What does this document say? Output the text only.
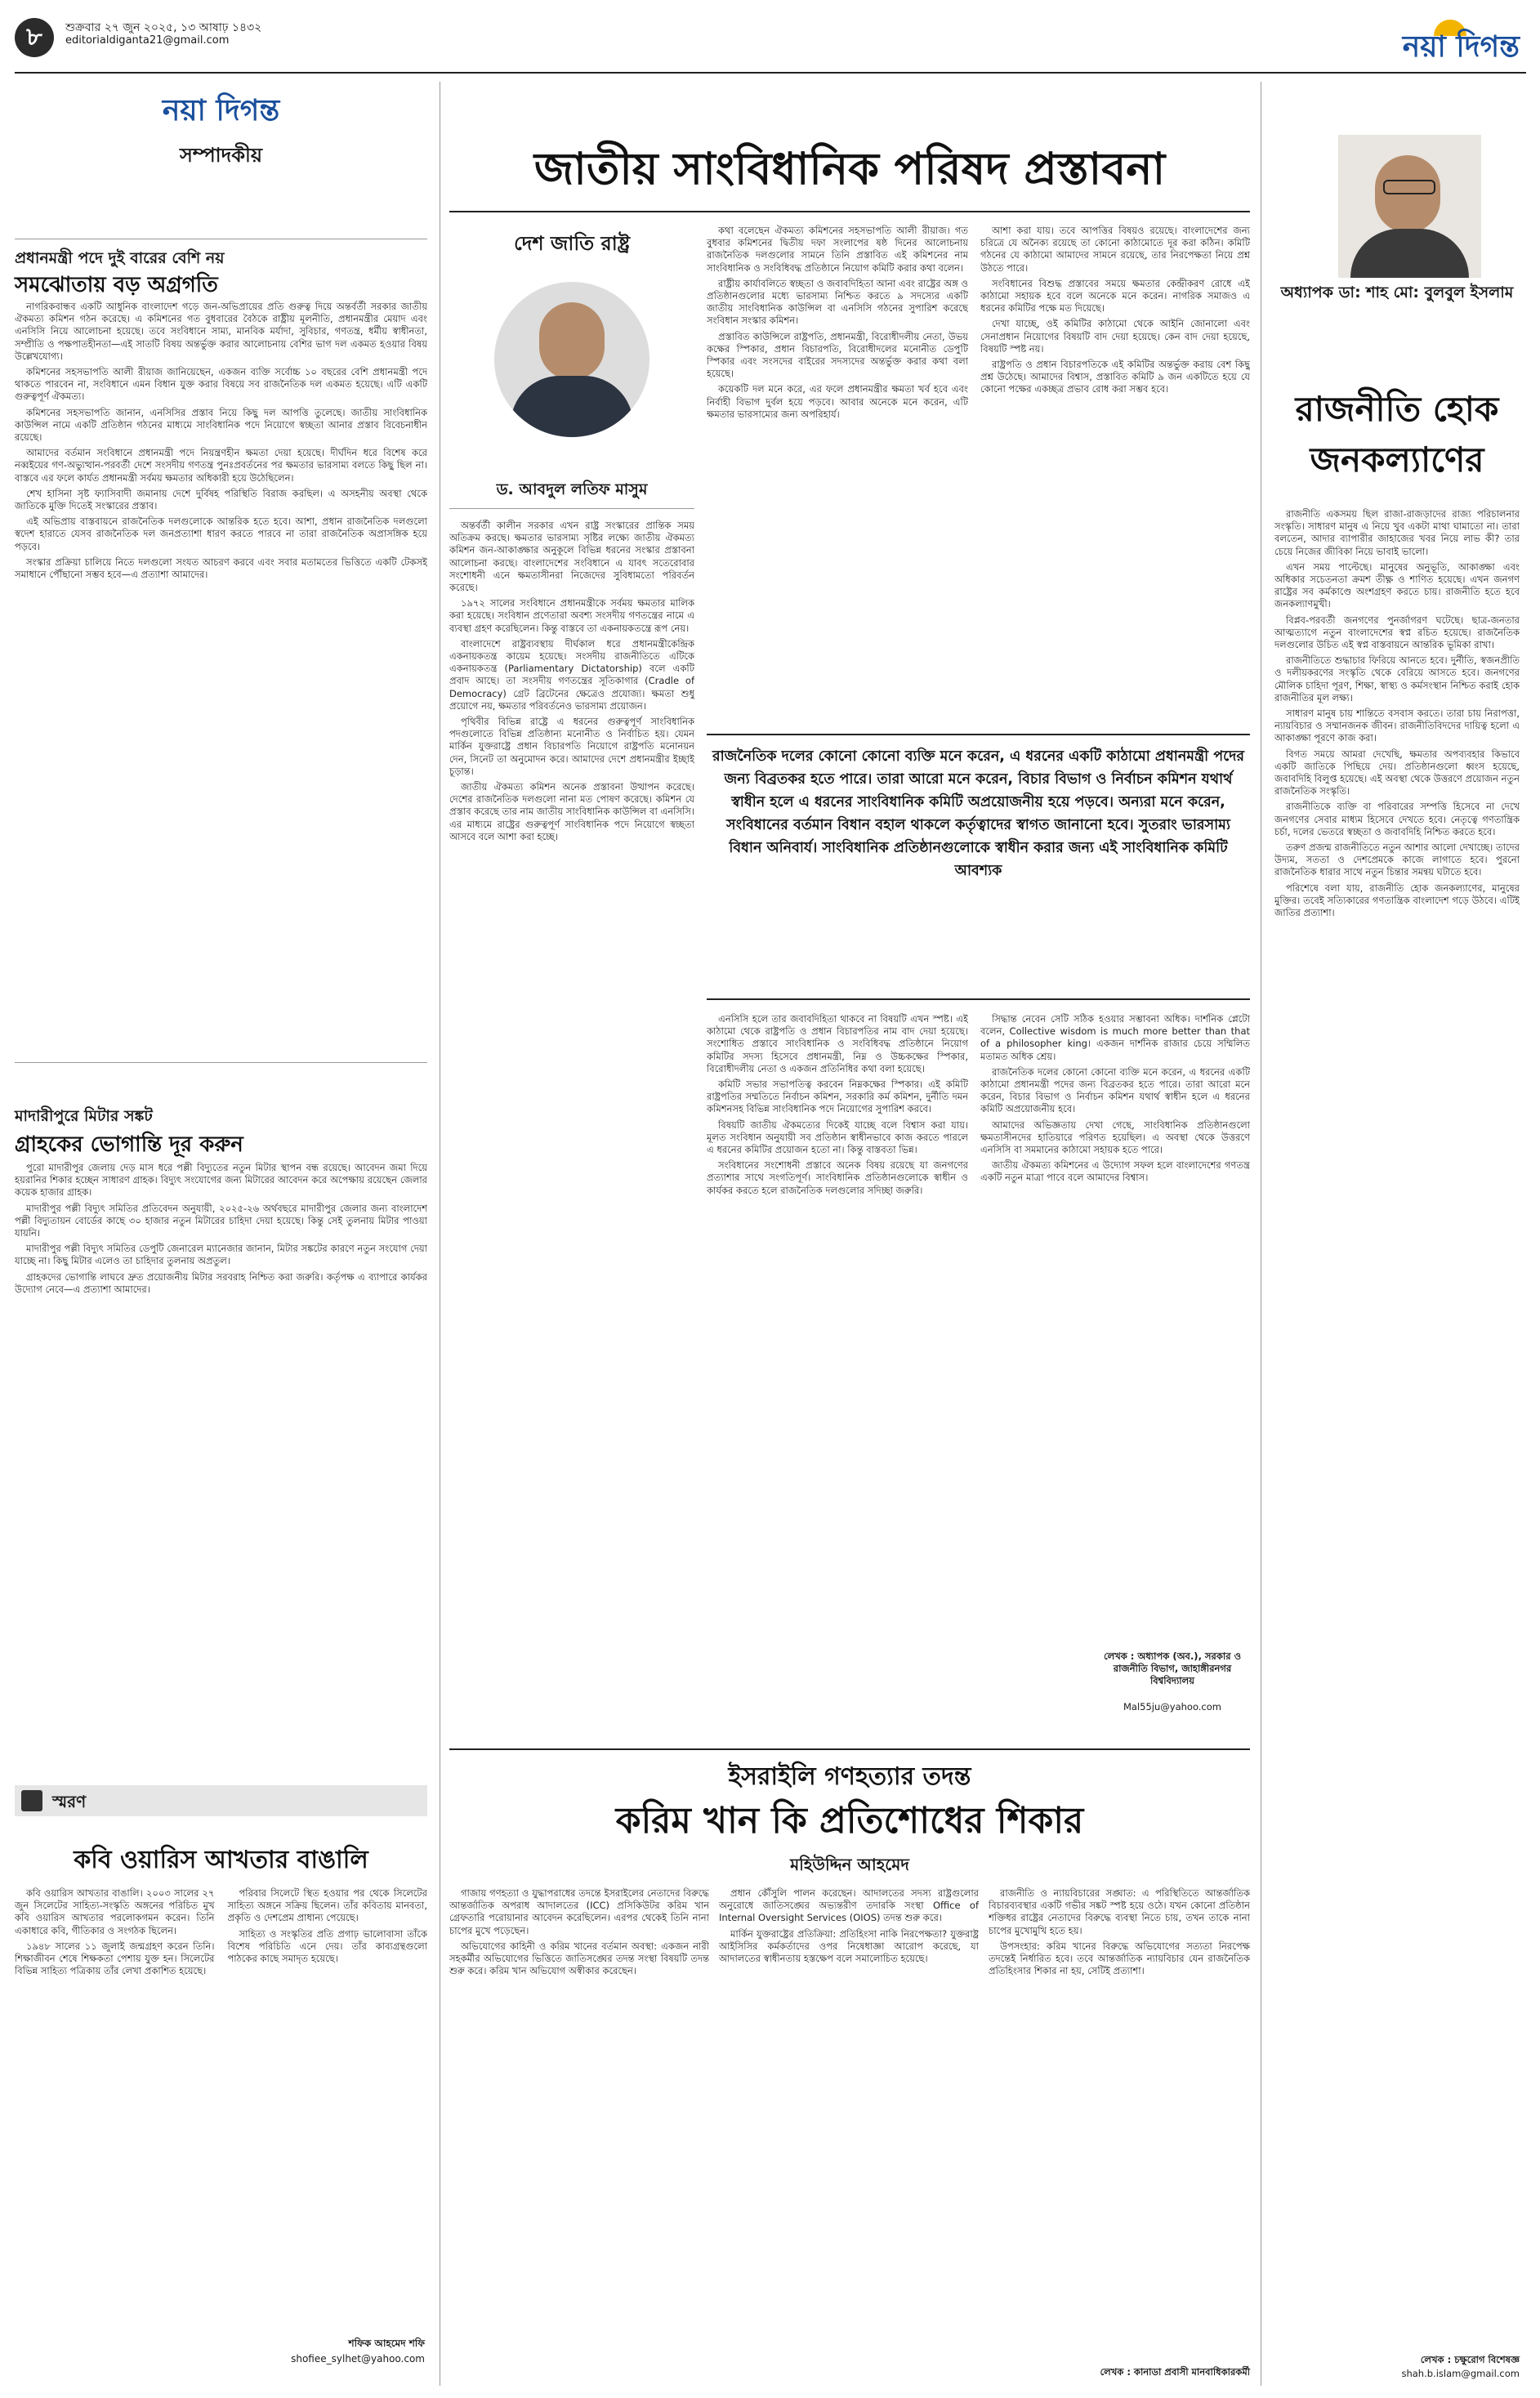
৮	শুক্রবার ২৭ জুন ২০২৫, ১৩ আষাঢ় ১৪৩২
editorialdiganta21@gmail.com	নয়া দিগন্ত
নয়া দিগন্ত
সম্পাদকীয়
প্রধানমন্ত্রী পদে দুই বারের বেশি নয়
সমঝোতায় বড় অগ্রগতি

নাগরিকবান্ধব একটি আধুনিক বাংলাদেশ গড়ে জন-অভিপ্রায়ের প্রতি গুরুত্ব দিয়ে অন্তর্বর্তী সরকার জাতীয় ঐকমত্য কমিশন গঠন করেছে। এ কমিশনের গত বুধবারের বৈঠকে রাষ্ট্রীয় মূলনীতি, প্রধানমন্ত্রীর মেয়াদ এবং এনসিসি নিয়ে আলোচনা হয়েছে। তবে সংবিধানে সাম্য, মানবিক মর্যাদা, সুবিচার, গণতন্ত্র, ধর্মীয় স্বাধীনতা, সম্প্রীতি ও পক্ষপাতহীনতা—এই সাতটি বিষয় অন্তর্ভুক্ত করার আলোচনায় বেশির ভাগ দল একমত হওয়ার বিষয় উল্লেখযোগ্য।

কমিশনের সহসভাপতি আলী রীয়াজ জানিয়েছেন, একজন ব্যক্তি সর্বোচ্চ ১০ বছরের বেশি প্রধানমন্ত্রী পদে থাকতে পারবেন না, সংবিধানে এমন বিধান যুক্ত করার বিষয়ে সব রাজনৈতিক দল একমত হয়েছে। এটি একটি গুরুত্বপূর্ণ ঐকমত্য।

কমিশনের সহসভাপতি জানান, এনসিসির প্রস্তাব নিয়ে কিছু দল আপত্তি তুলেছে। জাতীয় সাংবিধানিক কাউন্সিল নামে একটি প্রতিষ্ঠান গঠনের মাধ্যমে সাংবিধানিক পদে নিয়োগে স্বচ্ছতা আনার প্রস্তাব বিবেচনাধীন রয়েছে।

আমাদের বর্তমান সংবিধানে প্রধানমন্ত্রী পদে নিয়ন্ত্রণহীন ক্ষমতা দেয়া হয়েছে। দীর্ঘদিন ধরে বিশেষ করে নব্বইয়ের গণ-অভ্যুত্থান-পরবর্তী দেশে সংসদীয় গণতন্ত্র পুনঃপ্রবর্তনের পর ক্ষমতার ভারসাম্য বলতে কিছু ছিল না। বাস্তবে এর ফলে কার্যত প্রধানমন্ত্রী সর্বময় ক্ষমতার অধিকারী হয়ে উঠেছিলেন।

শেখ হাসিনা সৃষ্ট ফ্যাসিবাদী জমানায় দেশে দুর্বিষহ পরিস্থিতি বিরাজ করছিল। এ অসহনীয় অবস্থা থেকে জাতিকে মুক্তি দিতেই সংস্কারের প্রস্তাব।

এই অভিপ্রায় বাস্তবায়নে রাজনৈতিক দলগুলোকে আন্তরিক হতে হবে। আশা, প্রধান রাজনৈতিক দলগুলো স্বদেশ হারাতে যেসব রাজনৈতিক দল জনপ্রত্যাশা ধারণ করতে পারবে না তারা রাজনৈতিক অপ্রাসঙ্গিক হয়ে পড়বে।

সংস্কার প্রক্রিয়া চালিয়ে নিতে দলগুলো সংযত আচরণ করবে এবং সবার মতামতের ভিত্তিতে একটি টেকসই সমাধানে পৌঁছানো সম্ভব হবে—এ প্রত্যাশা আমাদের।

মাদারীপুরে মিটার সঙ্কট
গ্রাহকের ভোগান্তি দূর করুন

পুরো মাদারীপুর জেলায় দেড় মাস ধরে পল্লী বিদ্যুতের নতুন মিটার স্থাপন বন্ধ রয়েছে। আবেদন জমা দিয়ে হয়রানির শিকার হচ্ছেন সাধারণ গ্রাহক। বিদ্যুৎ সংযোগের জন্য মিটারের আবেদন করে অপেক্ষায় রয়েছেন জেলার কয়েক হাজার গ্রাহক।

মাদারীপুর পল্লী বিদ্যুৎ সমিতির প্রতিবেদন অনুযায়ী, ২০২৫-২৬ অর্থবছরে মাদারীপুর জেলার জন্য বাংলাদেশ পল্লী বিদ্যুতায়ন বোর্ডের কাছে ৩০ হাজার নতুন মিটারের চাহিদা দেয়া হয়েছে। কিন্তু সেই তুলনায় মিটার পাওয়া যায়নি।

মাদারীপুর পল্লী বিদ্যুৎ সমিতির ডেপুটি জেনারেল ম্যানেজার জানান, মিটার সঙ্কটের কারণে নতুন সংযোগ দেয়া যাচ্ছে না। কিছু মিটার এলেও তা চাহিদার তুলনায় অপ্রতুল।

গ্রাহকদের ভোগান্তি লাঘবে দ্রুত প্রয়োজনীয় মিটার সরবরাহ নিশ্চিত করা জরুরি। কর্তৃপক্ষ এ ব্যাপারে কার্যকর উদ্যোগ নেবে—এ প্রত্যাশা আমাদের।

স্মরণ
কবি ওয়ারিস আখতার বাঙালি

কবি ওয়ারিস আখতার বাঙালি। ২০০৩ সালের ২৭ জুন সিলেটের সাহিত্য-সংস্কৃতি অঙ্গনের পরিচিত মুখ কবি ওয়ারিস আখতার পরলোকগমন করেন। তিনি একাধারে কবি, গীতিকার ও সংগঠক ছিলেন।

১৯৪৮ সালের ১১ জুলাই জন্মগ্রহণ করেন তিনি। শিক্ষাজীবন শেষে শিক্ষকতা পেশায় যুক্ত হন। সিলেটের বিভিন্ন সাহিত্য পত্রিকায় তাঁর লেখা প্রকাশিত হয়েছে।

পরিবার সিলেটে স্থিত হওয়ার পর থেকে সিলেটের সাহিত্য অঙ্গনে সক্রিয় ছিলেন। তাঁর কবিতায় মানবতা, প্রকৃতি ও দেশপ্রেম প্রাধান্য পেয়েছে।

সাহিত্য ও সংস্কৃতির প্রতি প্রগাঢ় ভালোবাসা তাঁকে বিশেষ পরিচিতি এনে দেয়। তাঁর কাব্যগ্রন্থগুলো পাঠকের কাছে সমাদৃত হয়েছে।

শফিক আহমেদ শফি
shofiee_sylhet@yahoo.com
জাতীয় সাংবিধানিক পরিষদ প্রস্তাবনা
দেশ জাতি রাষ্ট্র
ড. আবদুল লতিফ মাসুম

অন্তর্বর্তী কালীন সরকার এখন রাষ্ট্র সংস্কারের প্রান্তিক সময় অতিক্রম করছে। ক্ষমতার ভারসাম্য সৃষ্টির লক্ষ্যে জাতীয় ঐকমত্য কমিশন জন-আকাঙ্ক্ষার অনুকূলে বিভিন্ন ধরনের সংস্কার প্রস্তাবনা আলোচনা করছে। বাংলাদেশের সংবিধানে এ যাবৎ সতেরোবার সংশোধনী এনে ক্ষমতাসীনরা নিজেদের সুবিধামতো পরিবর্তন করেছে।

১৯৭২ সালের সংবিধানে প্রধানমন্ত্রীকে সর্বময় ক্ষমতার মালিক করা হয়েছে। সংবিধান প্রণেতারা অবশ্য সংসদীয় গণতন্ত্রের নামে এ ব্যবস্থা গ্রহণ করেছিলেন। কিন্তু বাস্তবে তা একনায়কতন্ত্রে রূপ নেয়।

বাংলাদেশে রাষ্ট্রব্যবস্থায় দীর্ঘকাল ধরে প্রধানমন্ত্রীকেন্দ্রিক একনায়কতন্ত্র কায়েম হয়েছে। সংসদীয় রাজনীতিতে এটিকে একনায়কতন্ত্র (Parliamentary Dictatorship) বলে একটি প্রবাদ আছে। তা সংসদীয় গণতন্ত্রের সূতিকাগার (Cradle of Democracy) গ্রেট ব্রিটেনের ক্ষেত্রেও প্রযোজ্য। ক্ষমতা শুধু প্রয়োগে নয়, ক্ষমতার পরিবর্তনেও ভারসাম্য প্রয়োজন।

পৃথিবীর বিভিন্ন রাষ্ট্রে এ ধরনের গুরুত্বপূর্ণ সাংবিধানিক পদগুলোতে বিভিন্ন প্রতিষ্ঠান্য মনোনীত ও নির্বাচিত হয়। যেমন মার্কিন যুক্তরাষ্ট্রে প্রধান বিচারপতি নিয়োগে রাষ্ট্রপতি মনোনয়ন দেন, সিনেট তা অনুমোদন করে। আমাদের দেশে প্রধানমন্ত্রীর ইচ্ছাই চূড়ান্ত।

জাতীয় ঐকমত্য কমিশন অনেক প্রস্তাবনা উত্থাপন করেছে। দেশের রাজনৈতিক দলগুলো নানা মত পোষণ করেছে। কমিশন যে প্রস্তাব করেছে তার নাম জাতীয় সাংবিধানিক কাউন্সিল বা এনসিসি। এর মাধ্যমে রাষ্ট্রের গুরুত্বপূর্ণ সাংবিধানিক পদে নিয়োগে স্বচ্ছতা আসবে বলে আশা করা হচ্ছে।

কথা বলেছেন ঐকমত্য কমিশনের সহসভাপতি আলী রীয়াজ। গত বুধবার কমিশনের দ্বিতীয় দফা সংলাপের ষষ্ঠ দিনের আলোচনায় রাজনৈতিক দলগুলোর সামনে তিনি প্রস্তাবিত এই কমিশনের নাম সাংবিধানিক ও সংবিধিবদ্ধ প্রতিষ্ঠানে নিয়োগ কমিটি করার কথা বলেন।

রাষ্ট্রীয় কার্যাবলিতে স্বচ্ছতা ও জবাবদিহিতা আনা এবং রাষ্ট্রের অঙ্গ ও প্রতিষ্ঠানগুলোর মধ্যে ভারসাম্য নিশ্চিত করতে ৯ সদস্যের একটি জাতীয় সাংবিধানিক কাউন্সিল বা এনসিসি গঠনের সুপারিশ করেছে সংবিধান সংস্কার কমিশন।

প্রস্তাবিত কাউন্সিলে রাষ্ট্রপতি, প্রধানমন্ত্রী, বিরোধীদলীয় নেতা, উভয় কক্ষের স্পিকার, প্রধান বিচারপতি, বিরোধীদলের মনোনীত ডেপুটি স্পিকার এবং সংসদের বাইরের সদস্যদের অন্তর্ভুক্ত করার কথা বলা হয়েছে।

কয়েকটি দল মনে করে, এর ফলে প্রধানমন্ত্রীর ক্ষমতা খর্ব হবে এবং নির্বাহী বিভাগ দুর্বল হয়ে পড়বে। আবার অনেকে মনে করেন, এটি ক্ষমতার ভারসাম্যের জন্য অপরিহার্য।

আশা করা যায়। তবে আপত্তির বিষয়ও রয়েছে। বাংলাদেশের জন্য চরিত্রে যে অনৈক্য রয়েছে তা কোনো কাঠামোতে দূর করা কঠিন। কমিটি গঠনের যে কাঠামো আমাদের সামনে রয়েছে, তার নিরপেক্ষতা নিয়ে প্রশ্ন উঠতে পারে।

সংবিধানের বিশুদ্ধ প্রস্তাবের সময়ে ক্ষমতার কেন্দ্রীকরণ রোধে এই কাঠামো সহায়ক হবে বলে অনেকে মনে করেন। নাগরিক সমাজও এ ধরনের কমিটির পক্ষে মত দিয়েছে।

দেখা যাচ্ছে, ওই কমিটির কাঠামো থেকে আইনি জোনালো এবং সেনাপ্রধান নিয়োগের বিষয়টি বাদ দেয়া হয়েছে। কেন বাদ দেয়া হয়েছে, বিষয়টি স্পষ্ট নয়।

রাষ্ট্রপতি ও প্রধান বিচারপতিকে এই কমিটির অন্তর্ভুক্ত করায় বেশ কিছু প্রশ্ন উঠেছে। আমাদের বিশ্বাস, প্রস্তাবিত কমিটি ৯ জন একটিতে হয়ে যে কোনো পক্ষের একচ্ছত্র প্রভাব রোধ করা সম্ভব হবে।

রাজনৈতিক দলের কোনো কোনো ব্যক্তি মনে করেন, এ ধরনের একটি কাঠামো প্রধানমন্ত্রী পদের জন্য বিব্রতকর হতে পারে। তারা আরো মনে করেন, বিচার বিভাগ ও নির্বাচন কমিশন যথার্থ স্বাধীন হলে এ ধরনের সাংবিধানিক কমিটি অপ্রয়োজনীয় হয়ে পড়বে। অন্যরা মনে করেন, সংবিধানের বর্তমান বিধান বহাল থাকলে কর্তৃত্বাদের স্বাগত জানানো হবে। সুতরাং ভারসাম্য বিধান অনিবার্য। সাংবিধানিক প্রতিষ্ঠানগুলোকে স্বাধীন করার জন্য এই সাংবিধানিক কমিটি আবশ্যক

এনসিসি হলে তার জবাবদিহিতা থাকবে না বিষয়টি এখন স্পষ্ট। এই কাঠামো থেকে রাষ্ট্রপতি ও প্রধান বিচারপতির নাম বাদ দেয়া হয়েছে। সংশোধিত প্রস্তাবে সাংবিধানিক ও সংবিধিবদ্ধ প্রতিষ্ঠানে নিয়োগ কমিটির সদস্য হিসেবে প্রধানমন্ত্রী, নিম্ন ও উচ্চকক্ষের স্পিকার, বিরোধীদলীয় নেতা ও একজন প্রতিনিধির কথা বলা হয়েছে।

কমিটি সভার সভাপতিত্ব করবেন নিম্নকক্ষের স্পিকার। এই কমিটি রাষ্ট্রপতির সম্মতিতে নির্বাচন কমিশন, সরকারি কর্ম কমিশন, দুর্নীতি দমন কমিশনসহ বিভিন্ন সাংবিধানিক পদে নিয়োগের সুপারিশ করবে।

বিষয়টি জাতীয় ঐকমত্যের দিকেই যাচ্ছে বলে বিশ্বাস করা যায়। মূলত সংবিধান অনুযায়ী সব প্রতিষ্ঠান স্বাধীনভাবে কাজ করতে পারলে এ ধরনের কমিটির প্রয়োজন হতো না। কিন্তু বাস্তবতা ভিন্ন।

সংবিধানের সংশোধনী প্রস্তাবে অনেক বিষয় রয়েছে যা জনগণের প্রত্যাশার সাথে সংগতিপূর্ণ। সাংবিধানিক প্রতিষ্ঠানগুলোকে স্বাধীন ও কার্যকর করতে হলে রাজনৈতিক দলগুলোর সদিচ্ছা জরুরি।

সিদ্ধান্ত নেবেন সেটি সঠিক হওয়ার সম্ভাবনা অধিক। দার্শনিক প্লেটো বলেন, Collective wisdom is much more better than that of a philosopher king। একজন দার্শনিক রাজার চেয়ে সম্মিলিত মতামত অধিক শ্রেয়।

রাজনৈতিক দলের কোনো কোনো ব্যক্তি মনে করেন, এ ধরনের একটি কাঠামো প্রধানমন্ত্রী পদের জন্য বিব্রতকর হতে পারে। তারা আরো মনে করেন, বিচার বিভাগ ও নির্বাচন কমিশন যথার্থ স্বাধীন হলে এ ধরনের কমিটি অপ্রয়োজনীয় হবে।

আমাদের অভিজ্ঞতায় দেখা গেছে, সাংবিধানিক প্রতিষ্ঠানগুলো ক্ষমতাসীনদের হাতিয়ারে পরিণত হয়েছিল। এ অবস্থা থেকে উত্তরণে এনসিসি বা সমমানের কাঠামো সহায়ক হতে পারে।

জাতীয় ঐকমত্য কমিশনের এ উদ্যোগ সফল হলে বাংলাদেশের গণতন্ত্র একটি নতুন মাত্রা পাবে বলে আমাদের বিশ্বাস।

লেখক : অধ্যাপক (অব.), সরকার ও রাজনীতি বিভাগ, জাহাঙ্গীরনগর বিশ্ববিদ্যালয়
Mal55ju@yahoo.com
ইসরাইলি গণহত্যার তদন্ত
করিম খান কি প্রতিশোধের শিকার
মহিউদ্দিন আহমেদ

গাজায় গণহত্যা ও যুদ্ধাপরাধের তদন্তে ইসরাইলের নেতাদের বিরুদ্ধে আন্তর্জাতিক অপরাধ আদালতের (ICC) প্রসিকিউটর করিম খান গ্রেফতারি পরোয়ানার আবেদন করেছিলেন। এরপর থেকেই তিনি নানা চাপের মুখে পড়েছেন।

অভিযোগের কাহিনী ও করিম খানের বর্তমান অবস্থা: একজন নারী সহকর্মীর অভিযোগের ভিত্তিতে জাতিসঙ্ঘের তদন্ত সংস্থা বিষয়টি তদন্ত শুরু করে। করিম খান অভিযোগ অস্বীকার করেছেন।

প্রধান কৌঁসুলি পালন করেছেন। আদালতের সদস্য রাষ্ট্রগুলোর অনুরোধে জাতিসঙ্ঘের অভ্যন্তরীণ তদারকি সংস্থা Office of Internal Oversight Services (OIOS) তদন্ত শুরু করে।

মার্কিন যুক্তরাষ্ট্রের প্রতিক্রিয়া: প্রতিহিংসা নাকি নিরপেক্ষতা? যুক্তরাষ্ট্র আইসিসির কর্মকর্তাদের ওপর নিষেধাজ্ঞা আরোপ করেছে, যা আদালতের স্বাধীনতায় হস্তক্ষেপ বলে সমালোচিত হয়েছে।

রাজনীতি ও ন্যায়বিচারের সঙ্ঘাত: এ পরিস্থিতিতে আন্তর্জাতিক বিচারব্যবস্থার একটি গভীর সঙ্কট স্পষ্ট হয়ে ওঠে। যখন কোনো প্রতিষ্ঠান শক্তিধর রাষ্ট্রের নেতাদের বিরুদ্ধে ব্যবস্থা নিতে চায়, তখন তাকে নানা চাপের মুখোমুখি হতে হয়।

উপসংহার: করিম খানের বিরুদ্ধে অভিযোগের সত্যতা নিরপেক্ষ তদন্তেই নির্ধারিত হবে। তবে আন্তর্জাতিক ন্যায়বিচার যেন রাজনৈতিক প্রতিহিংসার শিকার না হয়, সেটিই প্রত্যাশা।

লেখক : কানাডা প্রবাসী মানবাধিকারকর্মী
অধ্যাপক ডা: শাহ মো: বুলবুল ইসলাম
রাজনীতি হোক জনকল্যাণের

রাজনীতি একসময় ছিল রাজা-রাজড়াদের রাজ্য পরিচালনার সংস্কৃতি। সাধারণ মানুষ এ নিয়ে খুব একটা মাথা ঘামাতো না। তারা বলতেন, আদার ব্যাপারীর জাহাজের খবর নিয়ে লাভ কী? তার চেয়ে নিজের জীবিকা নিয়ে ভাবাই ভালো।

এখন সময় পাল্টেছে। মানুষের অনুভূতি, আকাঙ্ক্ষা এবং অধিকার সচেতনতা ক্রমশ তীক্ষ্ণ ও শাণিত হয়েছে। এখন জনগণ রাষ্ট্রের সব কর্মকাণ্ডে অংশগ্রহণ করতে চায়। রাজনীতি হতে হবে জনকল্যাণমুখী।

বিপ্লব-পরবর্তী জনগণের পুনর্জাগরণ ঘটেছে। ছাত্র-জনতার আত্মত্যাগে নতুন বাংলাদেশের স্বপ্ন রচিত হয়েছে। রাজনৈতিক দলগুলোর উচিত এই স্বপ্ন বাস্তবায়নে আন্তরিক ভূমিকা রাখা।

রাজনীতিতে শুদ্ধাচার ফিরিয়ে আনতে হবে। দুর্নীতি, স্বজনপ্রীতি ও দলীয়করণের সংস্কৃতি থেকে বেরিয়ে আসতে হবে। জনগণের মৌলিক চাহিদা পূরণ, শিক্ষা, স্বাস্থ্য ও কর্মসংস্থান নিশ্চিত করাই হোক রাজনীতির মূল লক্ষ্য।

সাধারণ মানুষ চায় শান্তিতে বসবাস করতে। তারা চায় নিরাপত্তা, ন্যায়বিচার ও সম্মানজনক জীবন। রাজনীতিবিদদের দায়িত্ব হলো এ আকাঙ্ক্ষা পূরণে কাজ করা।

বিগত সময়ে আমরা দেখেছি, ক্ষমতার অপব্যবহার কিভাবে একটি জাতিকে পিছিয়ে দেয়। প্রতিষ্ঠানগুলো ধ্বংস হয়েছে, জবাবদিহি বিলুপ্ত হয়েছে। এই অবস্থা থেকে উত্তরণে প্রয়োজন নতুন রাজনৈতিক সংস্কৃতি।

রাজনীতিকে ব্যক্তি বা পরিবারের সম্পত্তি হিসেবে না দেখে জনগণের সেবার মাধ্যম হিসেবে দেখতে হবে। নেতৃত্বে গণতান্ত্রিক চর্চা, দলের ভেতরে স্বচ্ছতা ও জবাবদিহি নিশ্চিত করতে হবে।

তরুণ প্রজন্ম রাজনীতিতে নতুন আশার আলো দেখাচ্ছে। তাদের উদ্যম, সততা ও দেশপ্রেমকে কাজে লাগাতে হবে। পুরনো রাজনৈতিক ধারার সাথে নতুন চিন্তার সমন্বয় ঘটাতে হবে।

পরিশেষে বলা যায়, রাজনীতি হোক জনকল্যাণের, মানুষের মুক্তির। তবেই সত্যিকারের গণতান্ত্রিক বাংলাদেশ গড়ে উঠবে। এটিই জাতির প্রত্যাশা।

লেখক : চক্ষুরোগ বিশেষজ্ঞ
shah.b.islam@gmail.com
